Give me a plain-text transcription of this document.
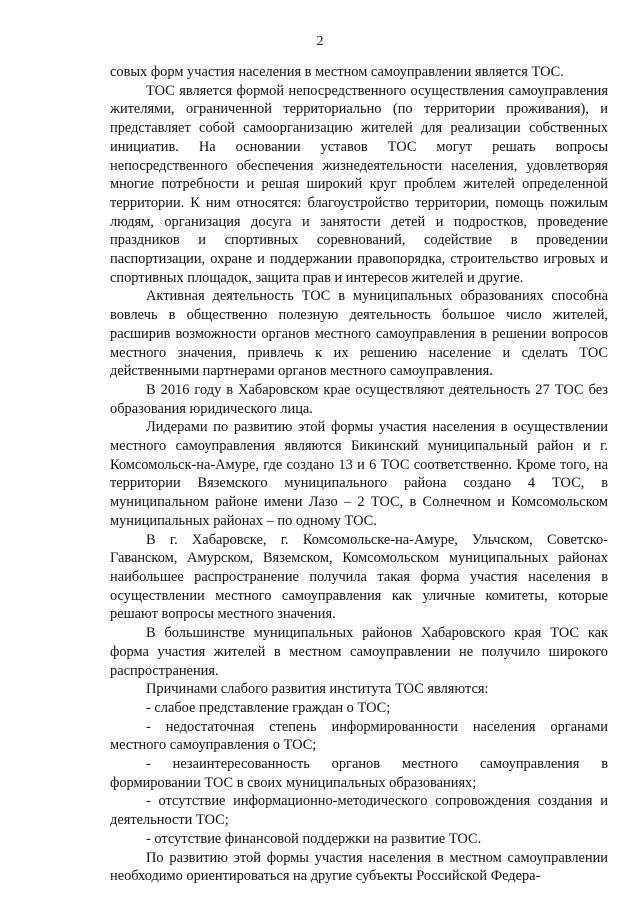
2

совых форм участия населения в местном самоуправлении является ТОС.

ТОС является формой непосредственного осуществления самоуправления жителями, ограниченной территориально (по территории проживания), и представляет собой самоорганизацию жителей для реализации собственных инициатив. На основании уставов ТОС могут решать вопросы непосредственного обеспечения жизнедеятельности населения, удовлетворяя многие потребности и решая широкий круг проблем жителей определенной территории. К ним относятся: благоустройство территории, помощь пожилым людям, организация досуга и занятости детей и подростков, проведение праздников и спортивных соревнований, содействие в проведении паспортизации, охране и поддержании правопорядка, строительство игровых и спортивных площадок, защита прав и интересов жителей и другие.

Активная деятельность ТОС в муниципальных образованиях способна вовлечь в общественно полезную деятельность большое число жителей, расширив возможности органов местного самоуправления в решении вопросов местного значения, привлечь к их решению население и сделать ТОС действенными партнерами органов местного самоуправления.

В 2016 году в Хабаровском крае осуществляют деятельность 27 ТОС без образования юридического лица.

Лидерами по развитию этой формы участия населения в осуществлении местного самоуправления являются Бикинский муниципальный район и г. Комсомольск-на-Амуре, где создано 13 и 6 ТОС соответственно. Кроме того, на территории Вяземского муниципального района создано 4 ТОС, в муниципальном районе имени Лазо – 2 ТОС, в Солнечном и Комсомольском муниципальных районах – по одному ТОС.

В г. Хабаровске, г. Комсомольске-на-Амуре, Ульчском, Советско-Гаванском, Амурском, Вяземском, Комсомольском муниципальных районах наибольшее распространение получила такая форма участия населения в осуществлении местного самоуправления как уличные комитеты, которые решают вопросы местного значения.

В большинстве муниципальных районов Хабаровского края ТОС как форма участия жителей в местном самоуправлении не получило широкого распространения.

Причинами слабого развития института ТОС являются:

- слабое представление граждан о ТОС;

- недостаточная степень информированности населения органами местного самоуправления о ТОС;

- незаинтересованность органов местного самоуправления в формировании ТОС в своих муниципальных образованиях;

- отсутствие информационно-методического сопровождения создания и деятельности ТОС;

- отсутствие финансовой поддержки на развитие ТОС.

По развитию этой формы участия населения в местном самоуправлении необходимо ориентироваться на другие субъекты Российской Федера-
